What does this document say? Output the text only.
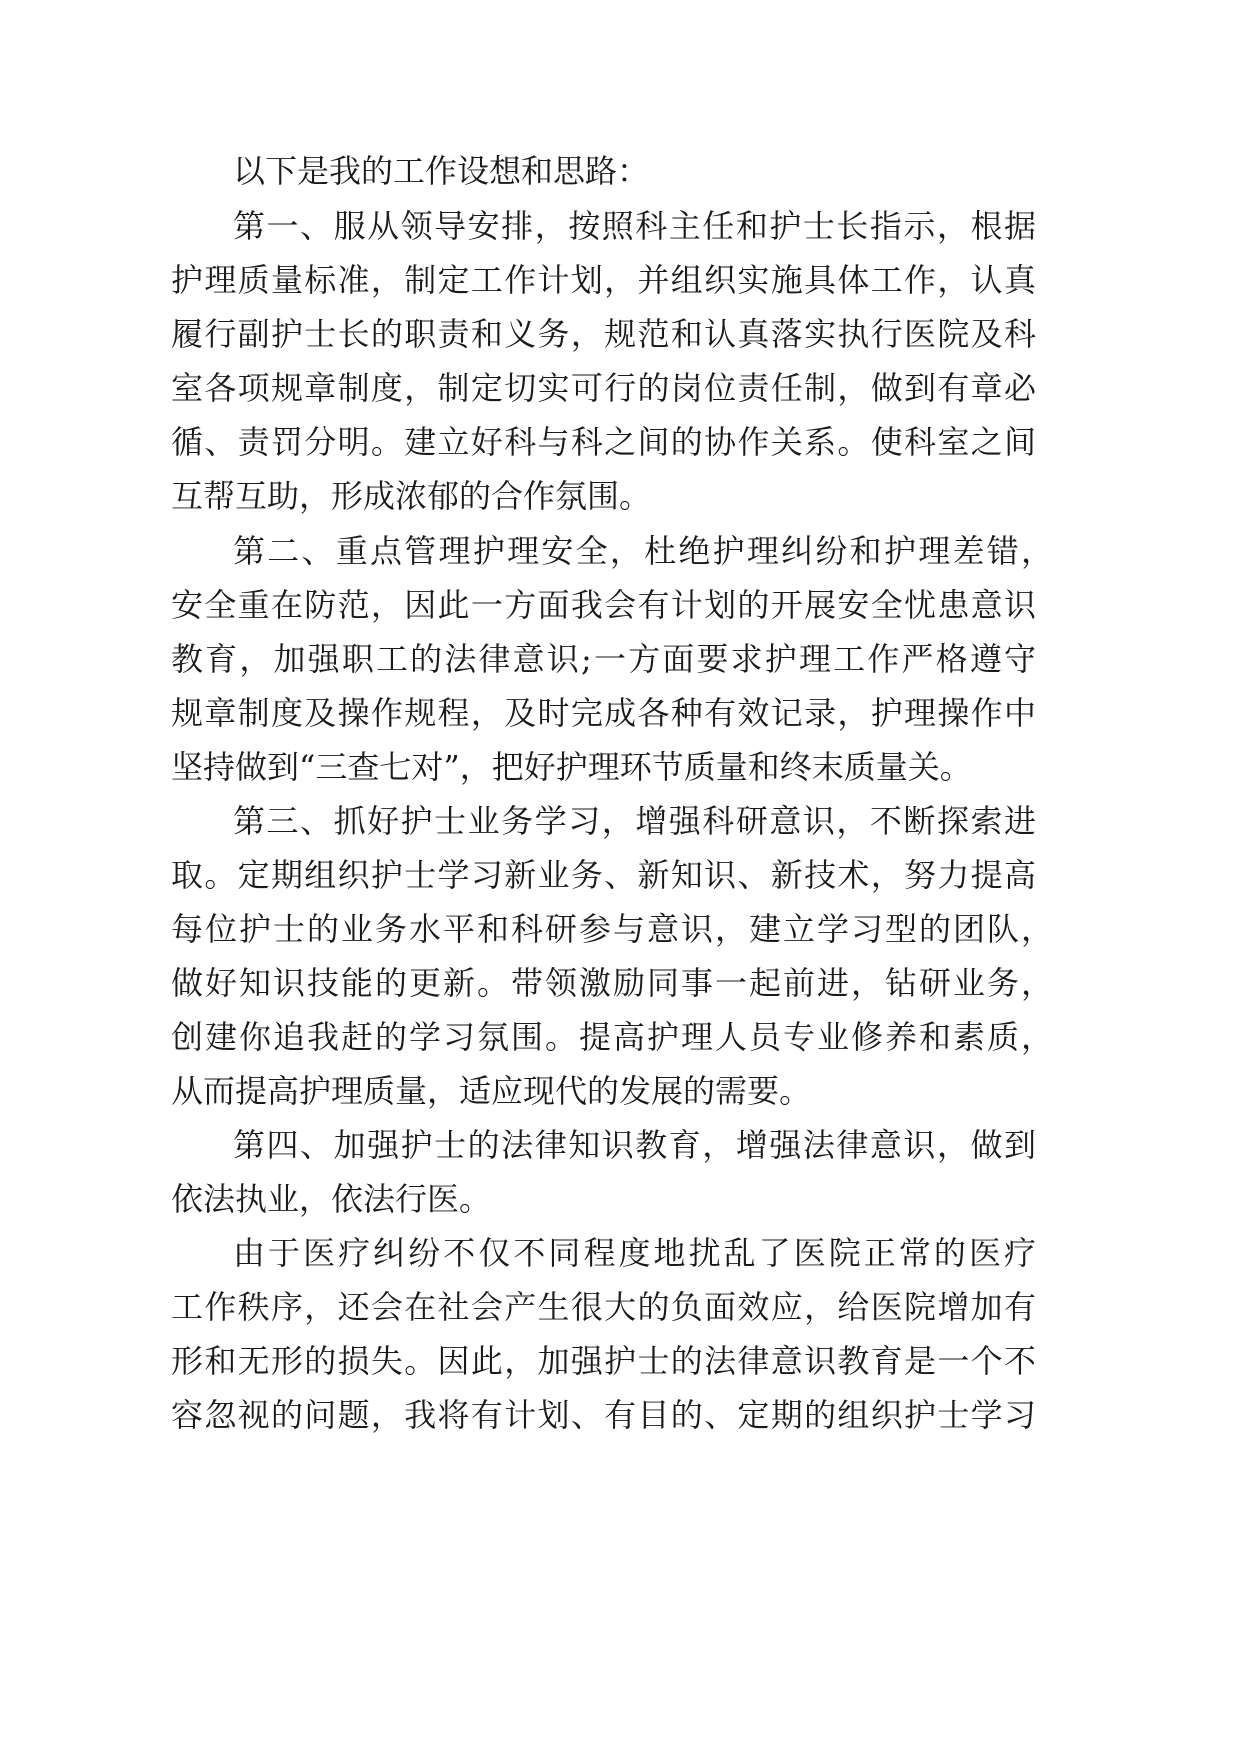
以下是我的工作设想和思路：

第一、服从领导安排，按照科主任和护士长指示，根据

护理质量标准，制定工作计划，并组织实施具体工作，认真

履行副护士长的职责和义务，规范和认真落实执行医院及科

室各项规章制度，制定切实可行的岗位责任制，做到有章必

循、责罚分明。建立好科与科之间的协作关系。使科室之间

互帮互助，形成浓郁的合作氛围。

第二、重点管理护理安全，杜绝护理纠纷和护理差错，

安全重在防范，因此一方面我会有计划的开展安全忧患意识

教育，加强职工的法律意识;一方面要求护理工作严格遵守

规章制度及操作规程，及时完成各种有效记录，护理操作中

坚持做到“三查七对”，把好护理环节质量和终末质量关。

第三、抓好护士业务学习，增强科研意识，不断探索进

取。定期组织护士学习新业务、新知识、新技术，努力提高

每位护士的业务水平和科研参与意识，建立学习型的团队，

做好知识技能的更新。带领激励同事一起前进，钻研业务，

创建你追我赶的学习氛围。提高护理人员专业修养和素质，

从而提高护理质量，适应现代的发展的需要。

第四、加强护士的法律知识教育，增强法律意识，做到

依法执业，依法行医。

由于医疗纠纷不仅不同程度地扰乱了医院正常的医疗

工作秩序，还会在社会产生很大的负面效应，给医院增加有

形和无形的损失。因此，加强护士的法律意识教育是一个不

容忽视的问题，我将有计划、有目的、定期的组织护士学习
